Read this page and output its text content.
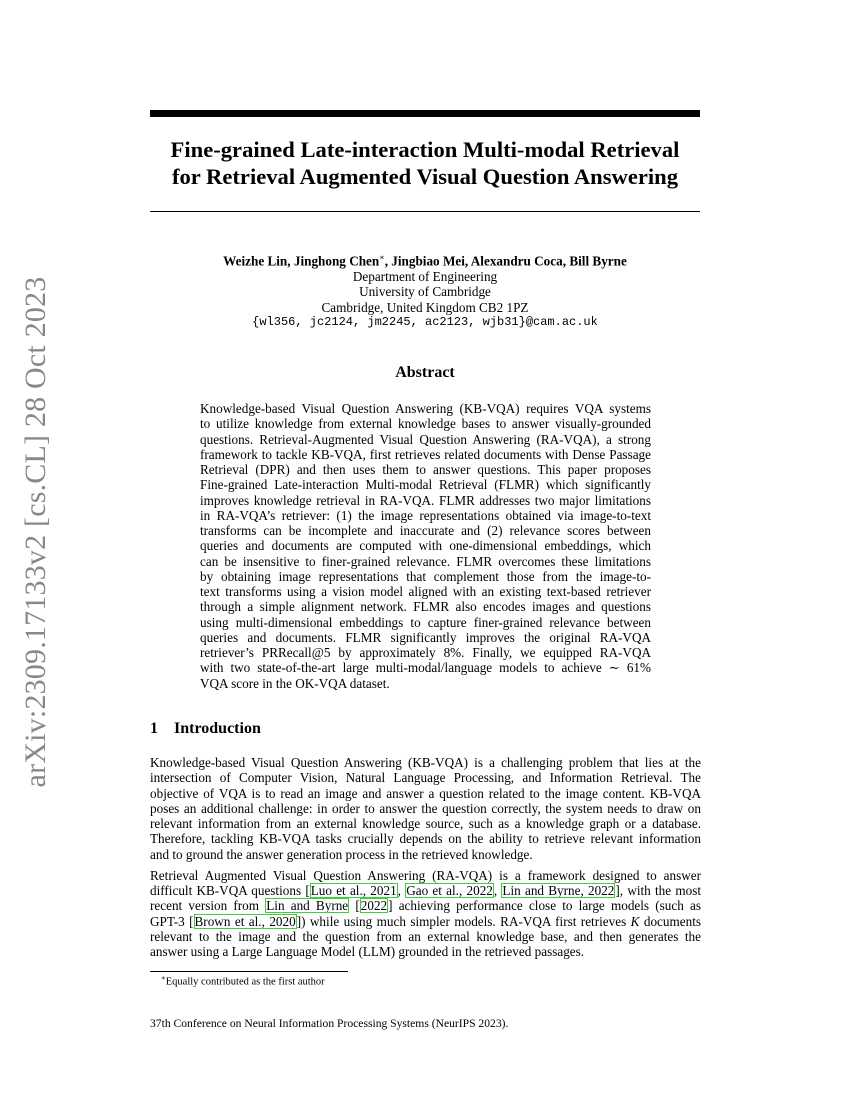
arXiv:2309.17133v2 [cs.CL] 28 Oct 2023
Fine-grained Late-interaction Multi-modal Retrieval
for Retrieval Augmented Visual Question Answering
Weizhe Lin, Jinghong Chen∗, Jingbiao Mei, Alexandru Coca, Bill Byrne
Department of Engineering
University of Cambridge
Cambridge, United Kingdom CB2 1PZ
{wl356, jc2124, jm2245, ac2123, wjb31}@cam.ac.uk
Abstract
Knowledge-based Visual Question Answering (KB-VQA) requires VQA systems
to utilize knowledge from external knowledge bases to answer visually-grounded
questions. Retrieval-Augmented Visual Question Answering (RA-VQA), a strong
framework to tackle KB-VQA, first retrieves related documents with Dense Passage
Retrieval (DPR) and then uses them to answer questions. This paper proposes
Fine-grained Late-interaction Multi-modal Retrieval (FLMR) which significantly
improves knowledge retrieval in RA-VQA. FLMR addresses two major limitations
in RA-VQA’s retriever: (1) the image representations obtained via image-to-text
transforms can be incomplete and inaccurate and (2) relevance scores between
queries and documents are computed with one-dimensional embeddings, which
can be insensitive to finer-grained relevance. FLMR overcomes these limitations
by obtaining image representations that complement those from the image-to-
text transforms using a vision model aligned with an existing text-based retriever
through a simple alignment network. FLMR also encodes images and questions
using multi-dimensional embeddings to capture finer-grained relevance between
queries and documents. FLMR significantly improves the original RA-VQA
retriever’s PRRecall@5 by approximately 8%. Finally, we equipped RA-VQA
with two state-of-the-art large multi-modal/language models to achieve ∼ 61%
VQA score in the OK-VQA dataset.
1 Introduction
Knowledge-based Visual Question Answering (KB-VQA) is a challenging problem that lies at the
intersection of Computer Vision, Natural Language Processing, and Information Retrieval. The
objective of VQA is to read an image and answer a question related to the image content. KB-VQA
poses an additional challenge: in order to answer the question correctly, the system needs to draw on
relevant information from an external knowledge source, such as a knowledge graph or a database.
Therefore, tackling KB-VQA tasks crucially depends on the ability to retrieve relevant information
and to ground the answer generation process in the retrieved knowledge.
Retrieval Augmented Visual Question Answering (RA-VQA) is a framework designed to answer
difficult KB-VQA questions [Luo et al., 2021, Gao et al., 2022, Lin and Byrne, 2022], with the most
recent version from Lin and Byrne [2022] achieving performance close to large models (such as
GPT-3 [Brown et al., 2020]) while using much simpler models. RA-VQA first retrieves K documents
relevant to the image and the question from an external knowledge base, and then generates the
answer using a Large Language Model (LLM) grounded in the retrieved passages.
∗Equally contributed as the first author
37th Conference on Neural Information Processing Systems (NeurIPS 2023).
